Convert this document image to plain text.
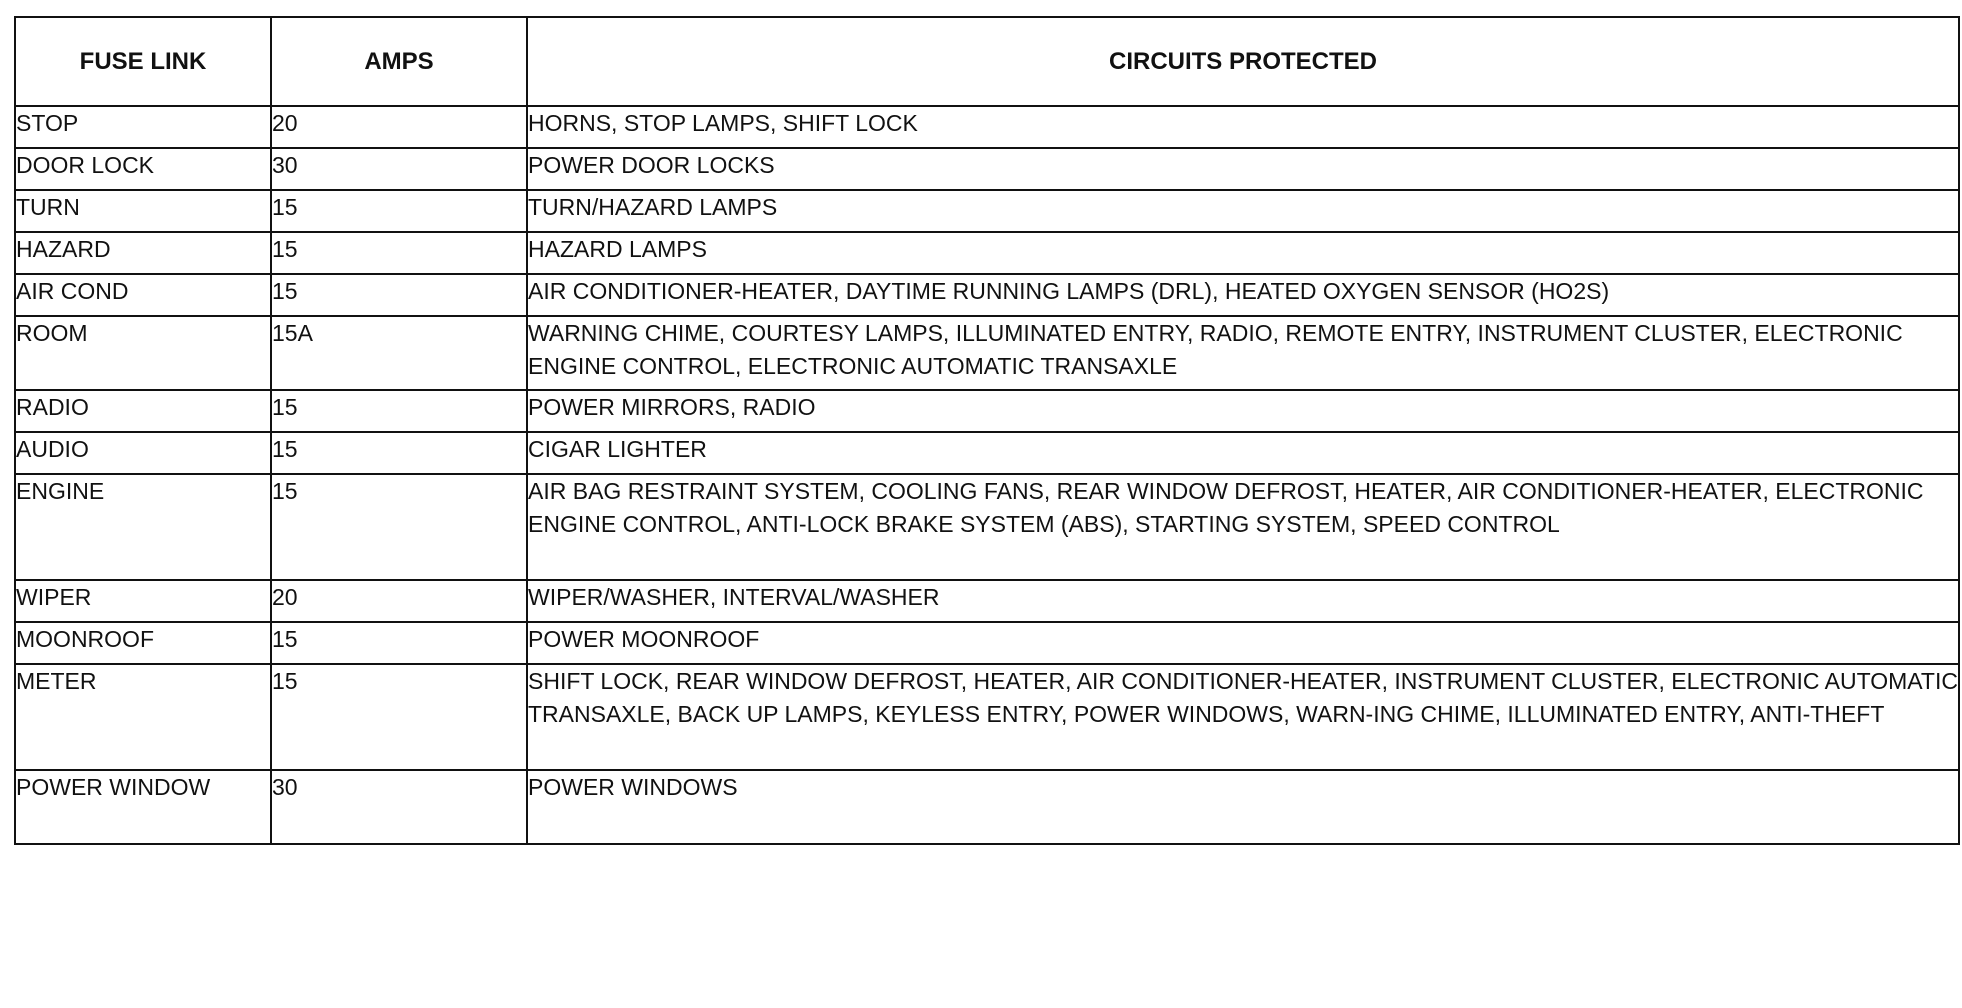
FUSE LINK	AMPS	CIRCUITS PROTECTED
STOP	20	HORNS, STOP LAMPS, SHIFT LOCK
DOOR LOCK	30	POWER DOOR LOCKS
TURN	15	TURN/HAZARD LAMPS
HAZARD	15	HAZARD LAMPS
AIR COND	15	AIR CONDITIONER-HEATER, DAYTIME RUNNING LAMPS (DRL), HEATED OXYGEN SENSOR (HO2S)
ROOM	15A	WARNING CHIME, COURTESY LAMPS, ILLUMINATED ENTRY, RADIO, REMOTE ENTRY, INSTRUMENT CLUSTER, ELECTRONIC ENGINE CONTROL, ELECTRONIC AUTOMATIC TRANSAXLE
RADIO	15	POWER MIRRORS, RADIO
AUDIO	15	CIGAR LIGHTER
ENGINE	15	AIR BAG RESTRAINT SYSTEM, COOLING FANS, REAR WINDOW DEFROST, HEATER, AIR CONDITIONER-HEATER, ELECTRONIC ENGINE CONTROL, ANTI-LOCK BRAKE SYSTEM (ABS), STARTING SYSTEM, SPEED CONTROL
WIPER	20	WIPER/WASHER, INTERVAL/WASHER
MOONROOF	15	POWER MOONROOF
METER	15	SHIFT LOCK, REAR WINDOW DEFROST, HEATER, AIR CONDITIONER-HEATER, INSTRUMENT CLUSTER, ELECTRONIC AUTOMATIC TRANSAXLE, BACK UP LAMPS, KEYLESS ENTRY, POWER WINDOWS, WARN-ING CHIME, ILLUMINATED ENTRY, ANTI-THEFT
POWER WINDOW	30	POWER WINDOWS
